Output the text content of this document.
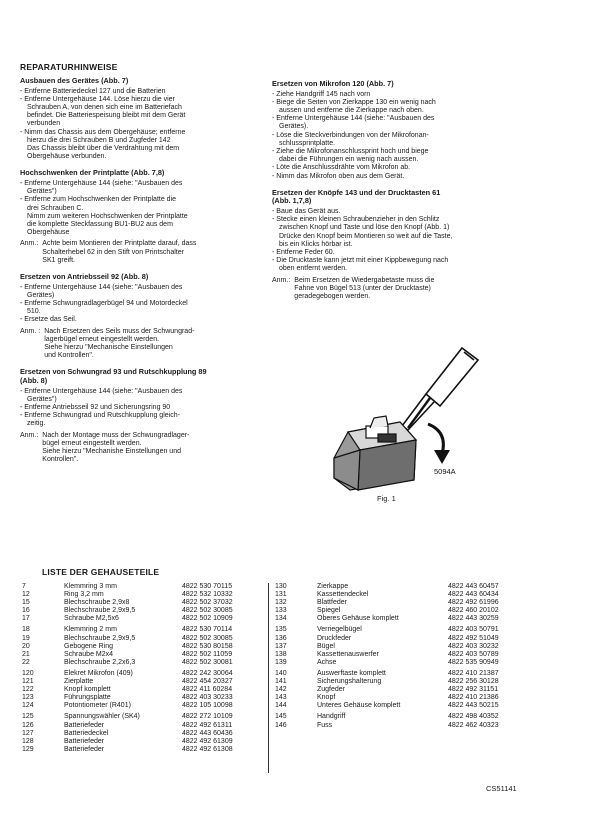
REPARATURHINWEISE
Ausbauen des Gerätes (Abb. 7)
- Entferne Batteriedeckel 127 und die Batterien
- Entferne Untergehäuse 144. Löse hierzu die vier
Schrauben A, von denen sich eine im Batteriefach
befindet. Die Batteriespeisung bleibt mit dem Gerät
verbunden
- Nimm das Chassis aus dem Obergehäuse; entferne
hierzu die drei Schrauben B und Zugfeder 142
Das Chassis bleibt über die Verdrahtung mit dem
Obergehäuse verbunden.
Hochschwenken der Printplatte (Abb. 7,8)
- Entferne Untergehäuse 144 (siehe: "Ausbauen des
Gerätes")
- Entferne zum Hochschwenken der Printplatte die
drei Schrauben C.
Nimm zum weiteren Hochschwenken der Printplatte
die komplette Steckfassung BU1-BU2 aus dem
Obergehäuse
Anm.: Achte beim Montieren der Printplatte darauf, dass
Schalterhebel 62 in den Stift von Printschalter
SK1 greift.
Ersetzen von Antriebsseil 92 (Abb. 8)
- Entferne Untergehäuse 144 (siehe: "Ausbauen des
Gerätes)
- Entferne Schwungradlagerbügel 94 und Motordeckel
510.
- Ersetze das Seil.
Anm. : Nach Ersetzen des Seils muss der Schwungrad-
lagerbügel erneut eingestellt werden.
Siehe hierzu "Mechanische Einstellungen
und Kontrollen".
Ersetzen von Schwungrad 93 und Rutschkupplung 89
(Abb. 8)
- Entferne Untergehäuse 144 (siehe: "Ausbauen des
Gerätes")
- Entferne Antriebsseil 92 und Sicherungsring 90
- Entferne Schwungrad und Rutschkupplung gleich-
zeitig.
Anm.: Nach der Montage muss der Schwungradlager-
bügel erneut eingestellt werden.
Siehe hierzu "Mechanishe Einstellungen und
Kontrollen".
Ersetzen von Mikrofon 120 (Abb. 7)
- Ziehe Handgriff 145 nach vorn
- Biege die Seiten von Zierkappe 130 ein wenig nach
aussen und entferne die Zierkappe nach oben.
- Entferne Untergehäuse 144 (siehe: "Ausbauen des
Gerätes).
- Löse die Steckverbindungen von der Mikrofonan-
schlussprintplatte.
- Ziehe die Mikrofonanschlussprint hoch und biege
dabei die Führungen ein wenig nach aussen.
- Löte die Anschlussdrähte vom Mikrofon ab.
- Nimm das Mikrofon oben aus dem Gerät.
Ersetzen der Knöpfe 143 und der Drucktasten 61
(Abb. 1,7,8)
- Baue das Gerät aus.
- Stecke einen kleinen Schraubenzieher in den Schlitz
zwischen Knopf und Taste und löse den Knopf (Abb. 1)
Drücke den Knopf beim Montieren so weit auf die Taste,
bis ein Klicks hörbar ist.
- Entferne Feder 60.
- Die Drucktaste kann jetzt mit einer Kippbewegung nach
oben entfernt werden.
Anm.: Beim Ersetzen de Wiedergabetaste muss die
Fahne von Bügel 513 (unter der Drucktaste)
geradegebogen werden.
5094A
Fig. 1
LISTE DER GEHAUSETEILE
7	Klemmring 3 mm	4822 530 70115
12	Ring 3,2 mm	4822 532 10332
15	Blechschraube 2,9x8	4822 502 37032
16	Blechschraube 2,9x9,5	4822 502 30085
17	Schraube M2,5x6	4822 502 10909
18	Klemmring 2 mm	4822 530 70114
19	Blechschraube 2,9x9,5	4822 502 30085
20	Gebogene Ring	4822 530 80158
21	Schraube M2x4	4822 502 11059
22	Blechschraube 2,2x6,3	4822 502 30081
120	Elekret Mikrofon (409)	4822 242 30064
121	Zierplatte	4822 454 20327
122	Knopf komplett	4822 411 60284
123	Führungsplatte	4822 403 30233
124	Potontiometer (R401)	4822 105 10098
125	Spannungswähler (SK4)	4822 272 10109
126	Batteriefeder	4822 492 61311
127	Batteriedeckel	4822 443 60436
128	Batteriefeder	4822 492 61309
129	Batteriefeder	4822 492 61308
130	Zierkappe	4822 443 60457
131	Kassettendeckel	4822 443 60434
132	Blattfeder	4822 492 61996
133	Spiegel	4822 460 20102
134	Oberes Gehäuse komplett	4822 443 30259
135	Verriegelbügel	4822 403 50791
136	Druckfeder	4822 492 51049
137	Bügel	4822 403 30232
138	Kassettenauswerfer	4822 403 50789
139	Achse	4822 535 90949
140	Auswerftaste komplett	4822 410 21387
141	Sicherungshalterung	4822 256 30128
142	Zugfeder	4822 492 31151
143	Knopf	4822 410 21386
144	Unteres Gehäuse komplett	4822 443 50215
145	Handgriff	4822 498 40352
146	Fuss	4822 462 40323
CS51141
